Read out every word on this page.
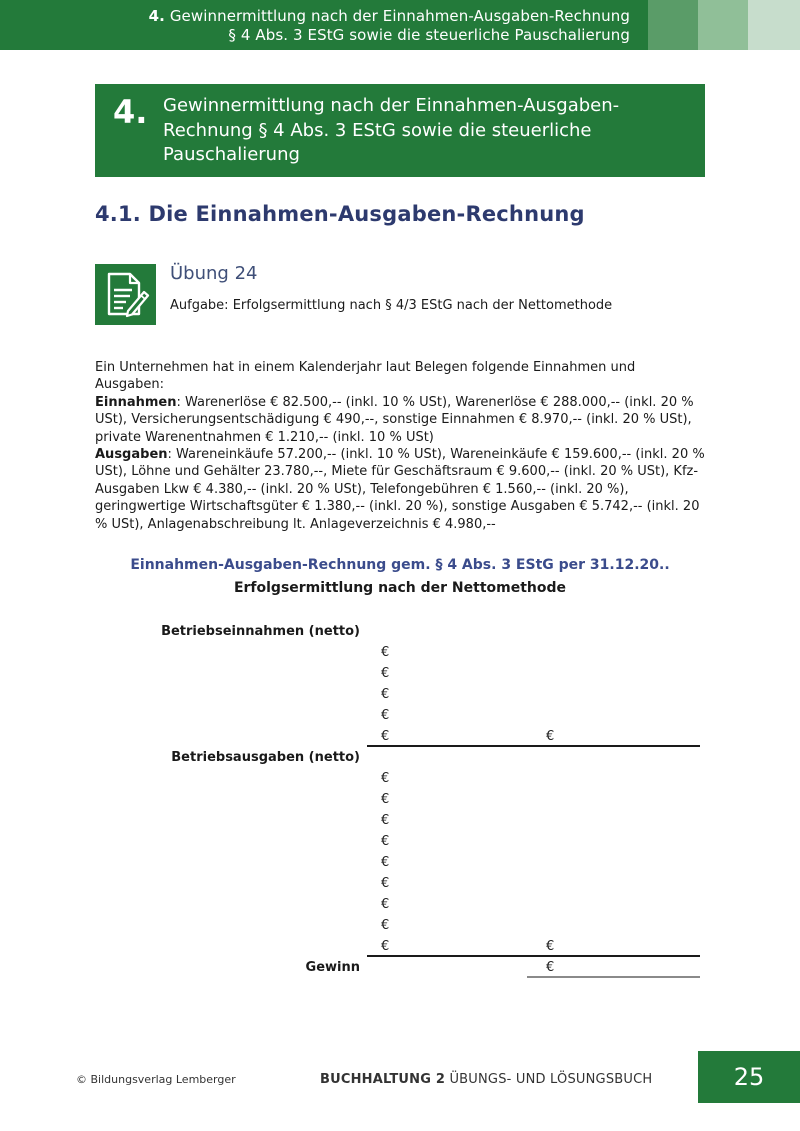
4. Gewinnermittlung nach der Einnahmen-Ausgaben-Rechnung
§ 4 Abs. 3 EStG sowie die steuerliche Pauschalierung
4. Gewinnermittlung nach der Einnahmen-Ausgaben-Rechnung § 4 Abs. 3 EStG sowie die steuerliche Pauschalierung
4.1. Die Einnahmen-Ausgaben-Rechnung
Übung 24
Aufgabe: Erfolgsermittlung nach § 4/3 EStG nach der Nettomethode
Ein Unternehmen hat in einem Kalenderjahr laut Belegen folgende Einnahmen und Ausgaben:
Einnahmen: Warenerlöse € 82.500,-- (inkl. 10 % USt), Warenerlöse € 288.000,-- (inkl. 20 % USt), Versicherungsentschädigung € 490,--, sonstige Einnahmen € 8.970,-- (inkl. 20 % USt), private Warenentnahmen € 1.210,-- (inkl. 10 % USt)
Ausgaben: Wareneinkäufe 57.200,-- (inkl. 10 % USt), Wareneinkäufe € 159.600,-- (inkl. 20 % USt), Löhne und Gehälter 23.780,--, Miete für Geschäftsraum € 9.600,-- (inkl. 20 % USt), Kfz-Ausgaben Lkw € 4.380,-- (inkl. 20 % USt), Telefongebühren € 1.560,-- (inkl. 20 %), geringwertige Wirtschaftsgüter € 1.380,-- (inkl. 20 %), sonstige Ausgaben € 5.742,-- (inkl. 20 % USt), Anlagenabschreibung lt. Anlageverzeichnis € 4.980,--
Einnahmen-Ausgaben-Rechnung gem. § 4 Abs. 3 EStG per 31.12.20..
Erfolgsermittlung nach der Nettomethode
Betriebseinnahmen (netto)
€
€
€
€
€	€
Betriebsausgaben (netto)
€
€
€
€
€
€
€
€
€	€
Gewinn	€
© Bildungsverlag Lemberger	BUCHHALTUNG 2 ÜBUNGS- UND LÖSUNGSBUCH	25
